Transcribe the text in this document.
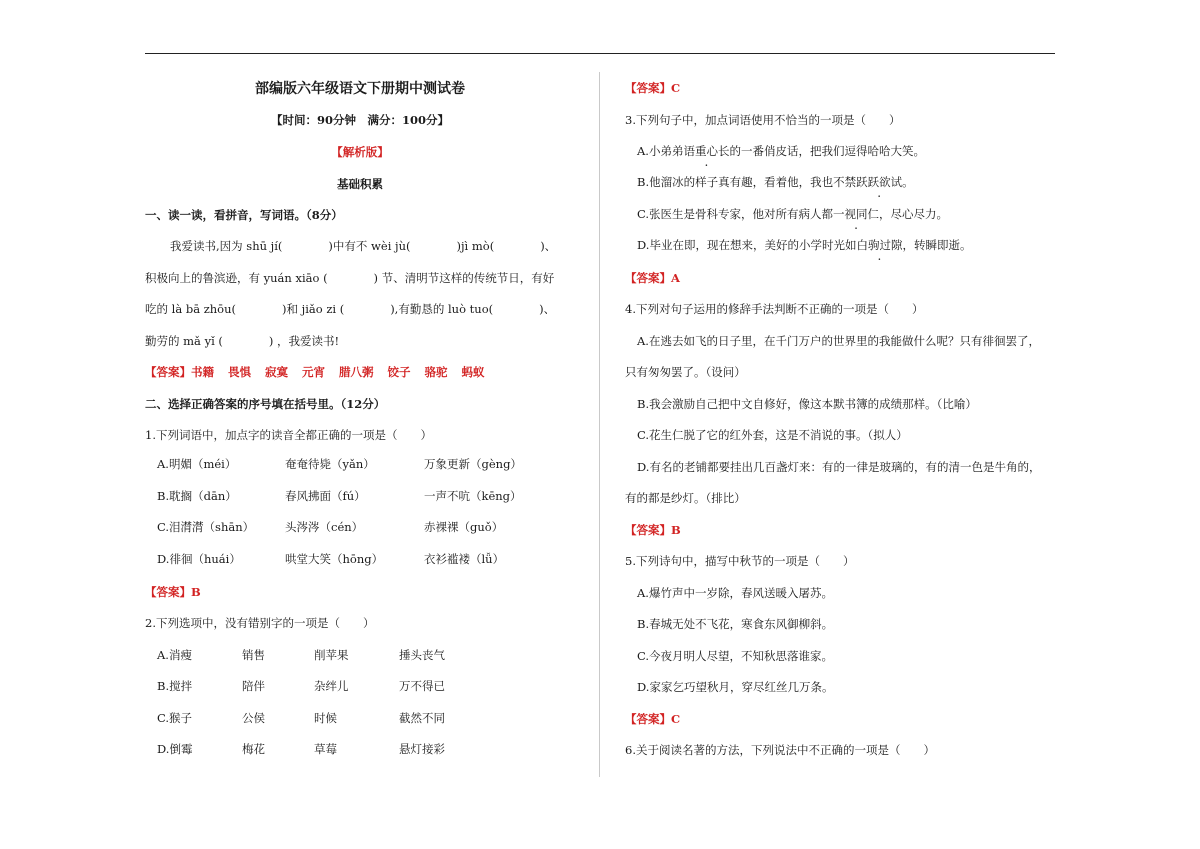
部编版六年级语文下册期中测试卷
【时间：90分钟　满分：100分】
【解析版】
基础积累
一、读一读，看拼音，写词语。（8分）
我爱读书,因为 shū jí(　　　　)中有不 wèi jù(　　　　)jì mò(　　　　)、
积极向上的鲁滨逊，有 yuán xiāo (　　　　) 节、清明节这样的传统节日，有好
吃的 là bā zhōu(　　　　)和 jiǎo zi (　　　　),有勤恳的 luò tuo(　　　　)、
勤劳的 mǎ yǐ (　　　　) ，我爱读书!
【答案】书籍 畏惧 寂寞 元宵 腊八粥 饺子 骆驼 蚂蚁
二、选择正确答案的序号填在括号里。（12分）
1.下列词语中，加点字的读音全都正确的一项是（　　）
A.明媚（méi）	奄奄待毙（yǎn）	万象更新（gèng）
B.耽搁（dān）	春风拂面（fú）	一声不吭（kēng）
C.泪潸潸（shān）	头涔涔（cén）	赤裸裸（guǒ）
D.徘徊（huái）	哄堂大笑（hōng）	衣衫褴褛（lǚ）
【答案】B
2.下列选项中，没有错别字的一项是（　　）
A.消瘦	销售	削苹果	捶头丧气
B.搅拌	陪伴	杂绊儿	万不得已
C.猴子	公侯	时候	截然不同
D.倒霉	梅花	草莓	悬灯接彩
【答案】C
3.下列句子中，加点词语使用不恰当的一项是（　　）
A.小弟弟语重心长的一番俏皮话，把我们逗得哈哈大笑。
B.他溜冰的样子真有趣，看着他，我也不禁跃跃欲试。
C.张医生是骨科专家，他对所有病人都一视同仁，尽心尽力。
D.毕业在即，现在想来，美好的小学时光如白驹过隙，转瞬即逝。
【答案】A
4.下列对句子运用的修辞手法判断不正确的一项是（　　）
A.在逃去如飞的日子里，在千门万户的世界里的我能做什么呢？只有徘徊罢了，
只有匆匆罢了。（设问）
B.我会激励自己把中文自修好，像这本默书簿的成绩那样。（比喻）
C.花生仁脱了它的红外套，这是不消说的事。（拟人）
D.有名的老铺都要挂出几百盏灯来：有的一律是玻璃的，有的清一色是牛角的，
有的都是纱灯。（排比）
【答案】B
5.下列诗句中，描写中秋节的一项是（　　）
A.爆竹声中一岁除，春风送暖入屠苏。
B.春城无处不飞花，寒食东风御柳斜。
C.今夜月明人尽望，不知秋思落谁家。
D.家家乞巧望秋月，穿尽红丝几万条。
【答案】C
6.关于阅读名著的方法，下列说法中不正确的一项是（　　）
